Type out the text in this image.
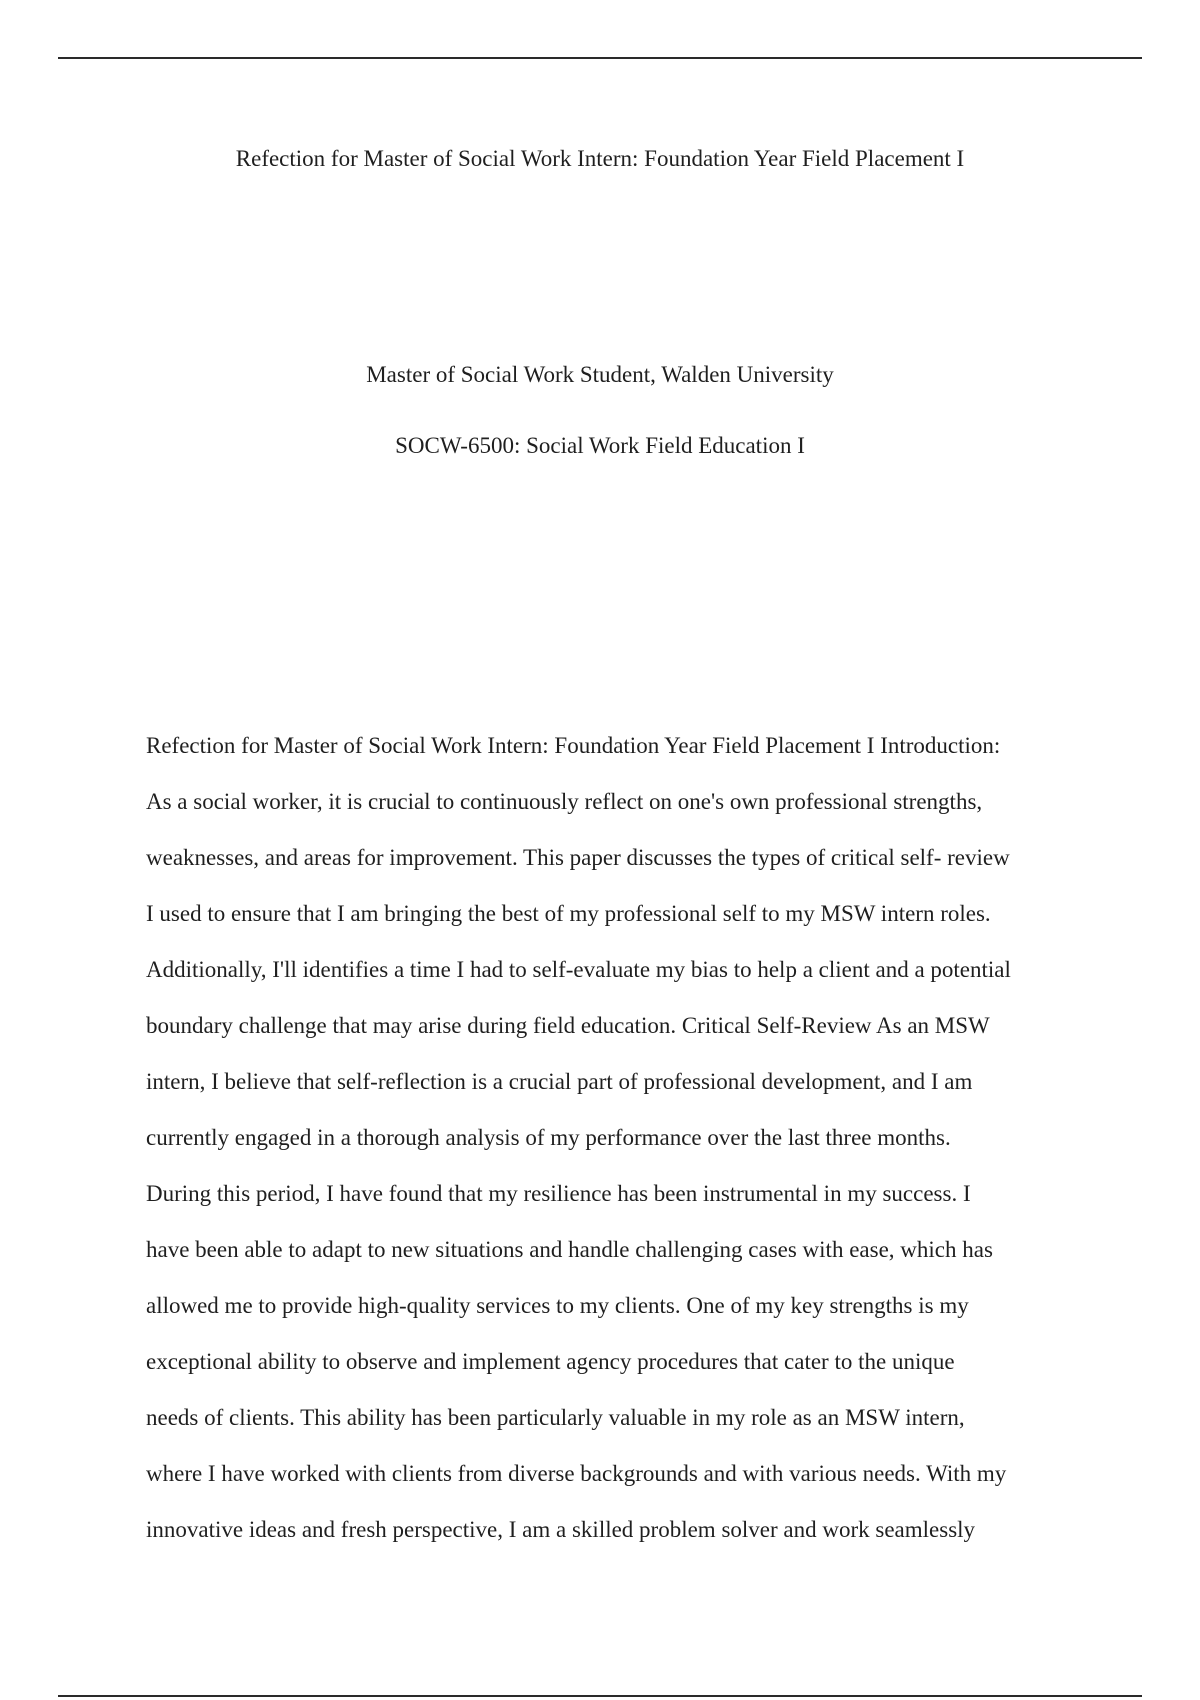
Refection for Master of Social Work Intern: Foundation Year Field Placement I
Master of Social Work Student, Walden University
SOCW-6500: Social Work Field Education I
Refection for Master of Social Work Intern: Foundation Year Field Placement I Introduction:
As a social worker, it is crucial to continuously reflect on one's own professional strengths,
weaknesses, and areas for improvement. This paper discusses the types of critical self- review
I used to ensure that I am bringing the best of my professional self to my MSW intern roles.
Additionally, I'll identifies a time I had to self-evaluate my bias to help a client and a potential
boundary challenge that may arise during field education. Critical Self-Review As an MSW
intern, I believe that self-reflection is a crucial part of professional development, and I am
currently engaged in a thorough analysis of my performance over the last three months.
During this period, I have found that my resilience has been instrumental in my success. I
have been able to adapt to new situations and handle challenging cases with ease, which has
allowed me to provide high-quality services to my clients. One of my key strengths is my
exceptional ability to observe and implement agency procedures that cater to the unique
needs of clients. This ability has been particularly valuable in my role as an MSW intern,
where I have worked with clients from diverse backgrounds and with various needs. With my
innovative ideas and fresh perspective, I am a skilled problem solver and work seamlessly
